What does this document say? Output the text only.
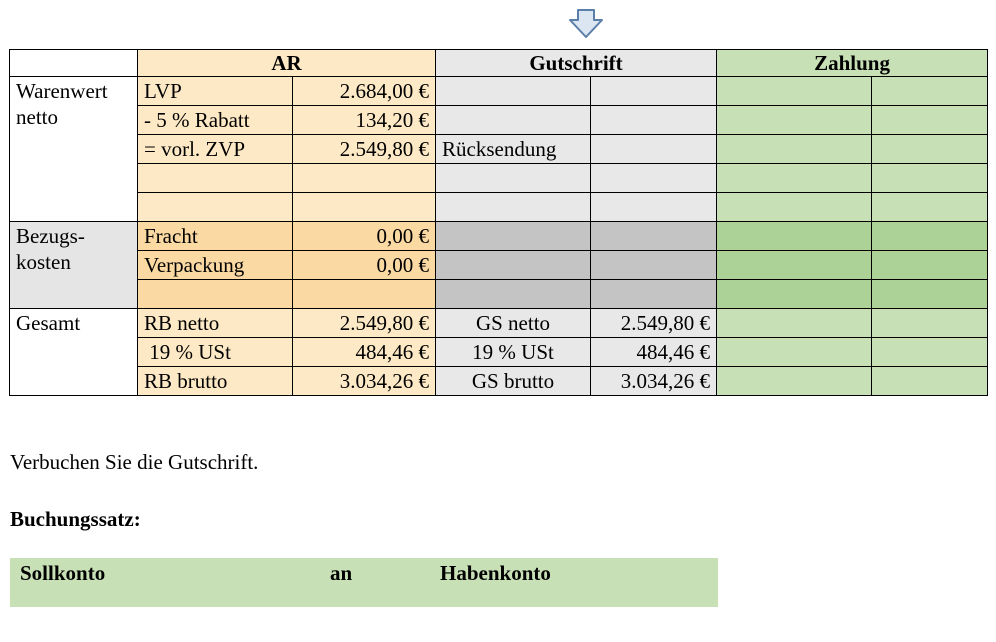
	AR		Gutschrift		Zahlung	
Warenwert netto	LVP	2.684,00 €				
	- 5 % Rabatt	134,20 €				
	= vorl. ZVP	2.549,80 €	Rücksendung			

Bezugs-kosten	Fracht	0,00 €				
	Verpackung	0,00 €				

Gesamt	RB netto	2.549,80 €	GS netto	2.549,80 €		
	19 % USt	484,46 €	19 % USt	484,46 €		
	RB brutto	3.034,26 €	GS brutto	3.034,26 €		
Verbuchen Sie die Gutschrift.
Buchungssatz:
Sollkonto	an	Habenkonto
